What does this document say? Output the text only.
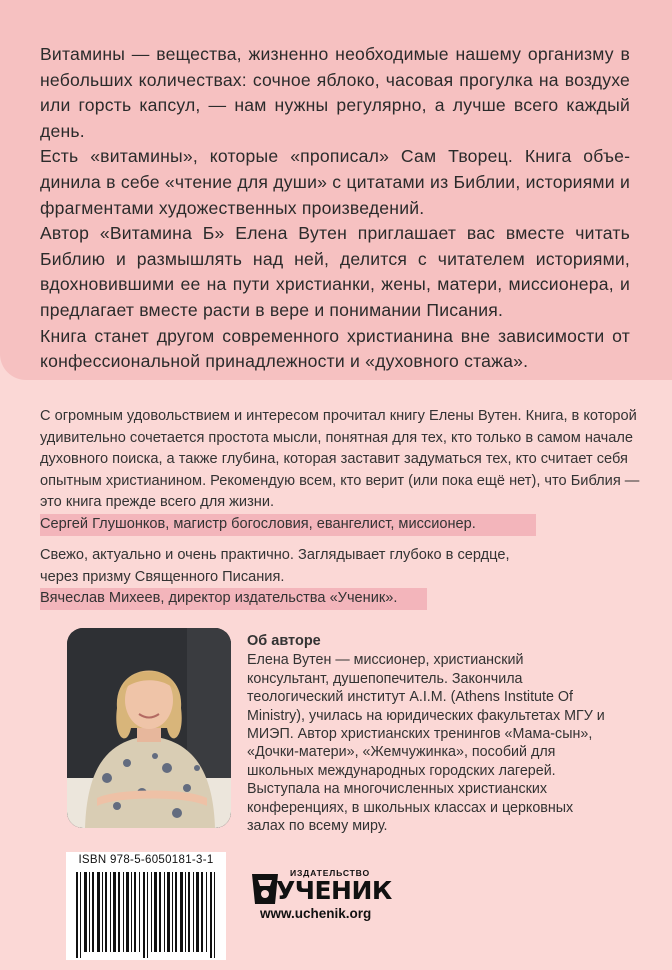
Витамины — вещества, жизненно необходимые нашему организму в небольших количествах: сочное яблоко, часовая прогулка на воздухе или горсть капсул, — нам нужны регулярно, а лучше всего каждый день.

Есть «витамины», которые «прописал» Сам Творец. Книга объединила в себе «чтение для души» с цитатами из Библии, историями и фрагментами художественных произведений.

Автор «Витамина Б» Елена Вутен приглашает вас вместе читать Библию и размышлять над ней, делится с читателем историями, вдохновившими ее на пути христианки, жены, матери, миссионера, и предлагает вместе расти в вере и понимании Писания.

Книга станет другом современного христианина вне зависимости от конфессиональной принадлежности и «духовного стажа».

С огромным удовольствием и интересом прочитал книгу Елены Вутен. Книга, в которой удивительно сочетается простота мысли, понятная для тех, кто только в самом начале духовного поиска, а также глубина, которая заставит задуматься тех, кто считает себя опытным христианином. Рекомендую всем, кто верит (или пока ещё нет), что Библия — это книга прежде всего для жизни.

Сергей Глушонков, магистр богословия, евангелист, миссионер.

Свежо, актуально и очень практично. Заглядывает глубоко в сердце, через призму Священного Писания.

Вячеслав Михеев, директор издательства «Ученик».
Об авторе

Елена Вутен — миссионер, христианский консультант, душепопечитель. Закончила теологический институт A.I.M. (Athens Institute Of Ministry), училась на юридических факультетах МГУ и МИЭП. Автор христианских тренингов «Мама-сын», «Дочки-матери», «Жемчужинка», пособий для школьных международных городских лагерей. Выступала на многочисленных христианских конференциях, в школьных классах и церковных залах по всему миру.

ISBN 978-5-6050181-3-1
ИЗДАТЕЛЬСТВО
УЧЕНИК
www.uchenik.org
